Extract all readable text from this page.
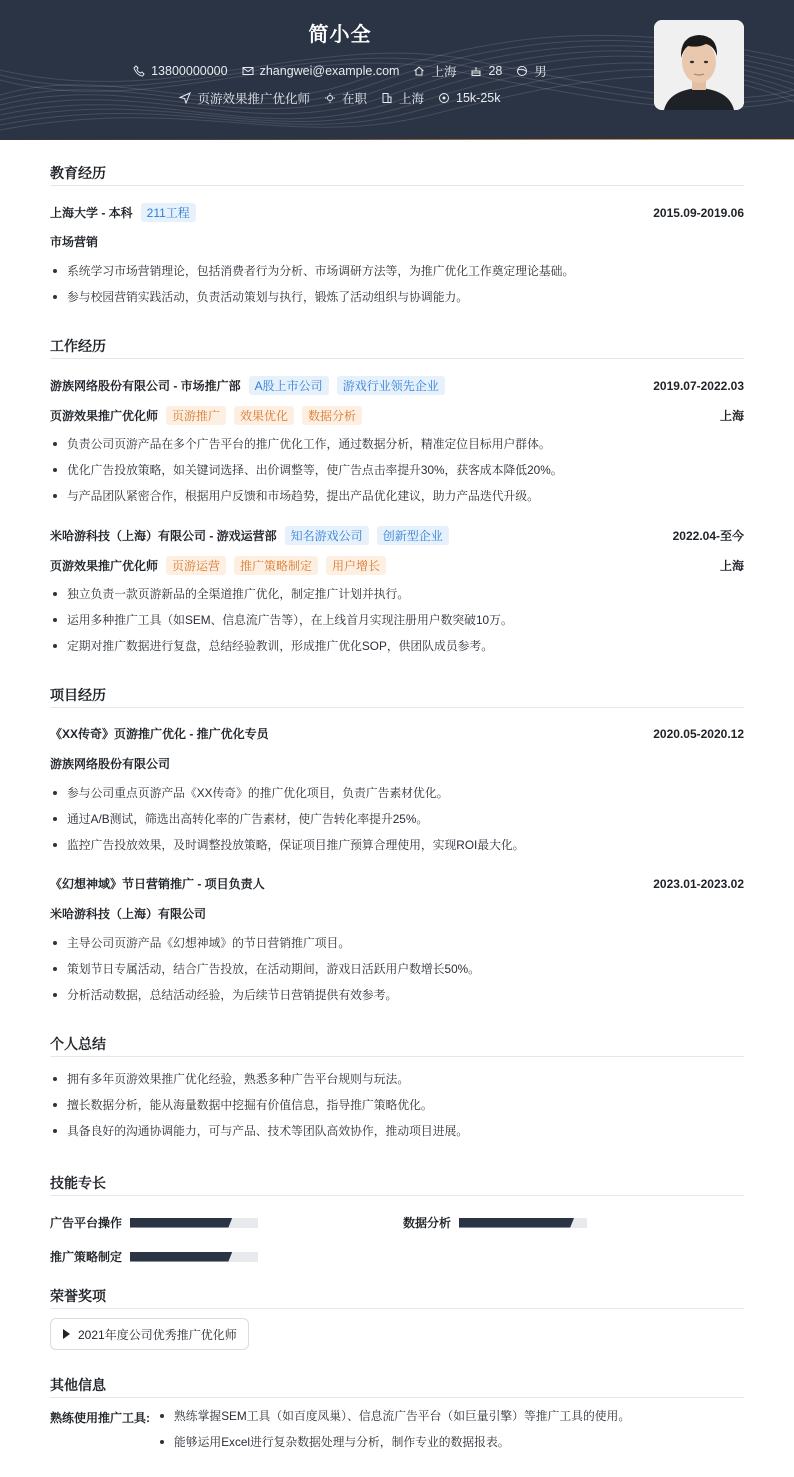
简小全
13800000000	zhangwei@example.com	上海	28	男
页游效果推广优化师	在职	上海	15k-25k
教育经历
上海大学 - 本科	211工程	2015.09-2019.06
市场营销
系统学习市场营销理论，包括消费者行为分析、市场调研方法等，为推广优化工作奠定理论基础。
参与校园营销实践活动，负责活动策划与执行，锻炼了活动组织与协调能力。
工作经历
游族网络股份有限公司 - 市场推广部	A股上市公司	游戏行业领先企业	2019.07-2022.03
页游效果推广优化师	页游推广	效果优化	数据分析	上海
负责公司页游产品在多个广告平台的推广优化工作，通过数据分析，精准定位目标用户群体。
优化广告投放策略，如关键词选择、出价调整等，使广告点击率提升30%，获客成本降低20%。
与产品团队紧密合作，根据用户反馈和市场趋势，提出产品优化建议，助力产品迭代升级。
米哈游科技（上海）有限公司 - 游戏运营部	知名游戏公司	创新型企业	2022.04-至今
页游效果推广优化师	页游运营	推广策略制定	用户增长	上海
独立负责一款页游新品的全渠道推广优化，制定推广计划并执行。
运用多种推广工具（如SEM、信息流广告等），在上线首月实现注册用户数突破10万。
定期对推广数据进行复盘，总结经验教训，形成推广优化SOP，供团队成员参考。
项目经历
《XX传奇》页游推广优化 - 推广优化专员	2020.05-2020.12
游族网络股份有限公司
参与公司重点页游产品《XX传奇》的推广优化项目，负责广告素材优化。
通过A/B测试，筛选出高转化率的广告素材，使广告转化率提升25%。
监控广告投放效果，及时调整投放策略，保证项目推广预算合理使用，实现ROI最大化。
《幻想神域》节日营销推广 - 项目负责人	2023.01-2023.02
米哈游科技（上海）有限公司
主导公司页游产品《幻想神域》的节日营销推广项目。
策划节日专属活动，结合广告投放，在活动期间，游戏日活跃用户数增长50%。
分析活动数据，总结活动经验，为后续节日营销提供有效参考。
个人总结
拥有多年页游效果推广优化经验，熟悉多种广告平台规则与玩法。
擅长数据分析，能从海量数据中挖掘有价值信息，指导推广策略优化。
具备良好的沟通协调能力，可与产品、技术等团队高效协作，推动项目进展。
技能专长
广告平台操作	数据分析
推广策略制定
荣誉奖项
2021年度公司优秀推广优化师
其他信息
熟练使用推广工具:	熟练掌握SEM工具（如百度凤巢）、信息流广告平台（如巨量引擎）等推广工具的使用。
能够运用Excel进行复杂数据处理与分析，制作专业的数据报表。
